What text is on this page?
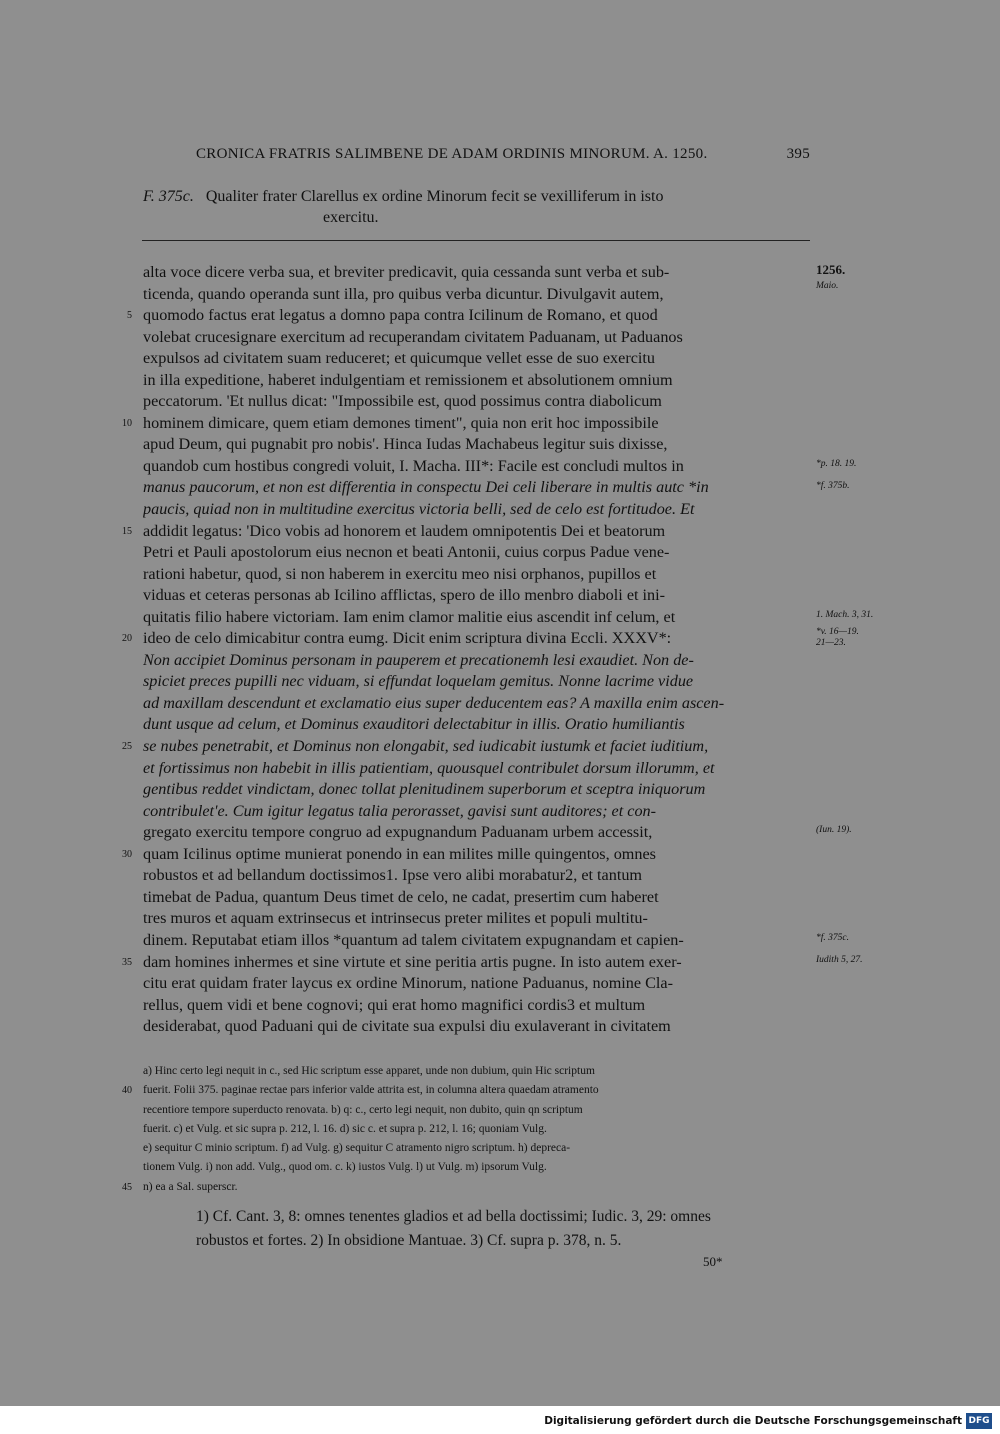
CRONICA FRATRIS SALIMBENE DE ADAM ORDINIS MINORUM. A. 1250.	395
F. 375c. Qualiter frater Clarellus ex ordine Minorum fecit se vexilliferum in isto
exercitu.
alta voce dicere verba sua, et breviter predicavit, quia cessanda sunt verba et sub-
ticenda, quando operanda sunt illa, pro quibus verba dicuntur. Divulgavit autem,
quomodo factus erat legatus a domno papa contra Icilinum de Romano, et quod
volebat crucesignare exercitum ad recuperandam civitatem Paduanam, ut Paduanos
expulsos ad civitatem suam reduceret; et quicumque vellet esse de suo exercitu
in illa expeditione, haberet indulgentiam et remissionem et absolutionem omnium
peccatorum. 'Et nullus dicat: "Impossibile est, quod possimus contra diabolicum
hominem dimicare, quem etiam demones timent", quia non erit hoc impossibile
apud Deum, qui pugnabit pro nobis'. Hinca Iudas Machabeus legitur suis dixisse,
quandob cum hostibus congredi voluit, I. Macha. III*: Facile est concludi multos in
manus paucorum, et non est differentia in conspectu Dei celi liberare in multis autc *in
paucis, quiad non in multitudine exercitus victoria belli, sed de celo est fortitudoe. Et
addidit legatus: 'Dico vobis ad honorem et laudem omnipotentis Dei et beatorum
Petri et Pauli apostolorum eius necnon et beati Antonii, cuius corpus Padue vene-
rationi habetur, quod, si non haberem in exercitu meo nisi orphanos, pupillos et
viduas et ceteras personas ab Icilino afflictas, spero de illo menbro diaboli et ini-
quitatis filio habere victoriam. Iam enim clamor malitie eius ascendit inf celum, et
ideo de celo dimicabitur contra eumg. Dicit enim scriptura divina Eccli. XXXV*:
Non accipiet Dominus personam in pauperem et precationemh lesi exaudiet. Non de-
spiciet preces pupilli nec viduam, si effundat loquelam gemitus. Nonne lacrime vidue
ad maxillam descendunt et exclamatio eius super deducentem eas? A maxilla enim ascen-
dunt usque ad celum, et Dominus exauditori delectabitur in illis. Oratio humiliantis
se nubes penetrabit, et Dominus non elongabit, sed iudicabit iustumk et faciet iuditium,
et fortissimus non habebit in illis patientiam, quousquel contribulet dorsum illorumm, et
gentibus reddet vindictam, donec tollat plenitudinem superborum et sceptra iniquorum
contribulet'e. Cum igitur legatus talia perorasset, gavisi sunt auditores; et con-
gregato exercitu tempore congruo ad expugnandum Paduanam urbem accessit,
quam Icilinus optime munierat ponendo in ean milites mille quingentos, omnes
robustos et ad bellandum doctissimos1. Ipse vero alibi morabatur2, et tantum
timebat de Padua, quantum Deus timet de celo, ne cadat, presertim cum haberet
tres muros et aquam extrinsecus et intrinsecus preter milites et populi multitu-
dinem. Reputabat etiam illos *quantum ad talem civitatem expugnandam et capien-
dam homines inhermes et sine virtute et sine peritia artis pugne. In isto autem exer-
citu erat quidam frater laycus ex ordine Minorum, natione Paduanus, nomine Cla-
rellus, quem vidi et bene cognovi; qui erat homo magnifici cordis3 et multum
desiderabat, quod Paduani qui de civitate sua expulsi diu exulaverant in civitatem
5
10
15
20
25
30
35
1256.
Maio.
*p. 18. 19.
*f. 375b.
1. Mach. 3, 31.
*v. 16—19.
21—23.
(Iun. 19).
*f. 375c.
Iudith 5, 27.
a) Hinc certo legi nequit in c., sed Hic scriptum esse apparet, unde non dubium, quin Hic scriptum
fuerit. Folii 375. paginae rectae pars inferior valde attrita est, in columna altera quaedam atramento
recentiore tempore superducto renovata. b) q: c., certo legi nequit, non dubito, quin qn scriptum
fuerit. c) et Vulg. et sic supra p. 212, l. 16. d) sic c. et supra p. 212, l. 16; quoniam Vulg.
e) sequitur C minio scriptum. f) ad Vulg. g) sequitur C atramento nigro scriptum. h) depreca-
tionem Vulg. i) non add. Vulg., quod om. c. k) iustos Vulg. l) ut Vulg. m) ipsorum Vulg.
n) ea a Sal. superscr.
40
45
1) Cf. Cant. 3, 8: omnes tenentes gladios et ad bella doctissimi; Iudic. 3, 29: omnes
robustos et fortes. 2) In obsidione Mantuae. 3) Cf. supra p. 378, n. 5.
50*
Digitalisierung gefördert durch die Deutsche Forschungsgemeinschaft DFG
